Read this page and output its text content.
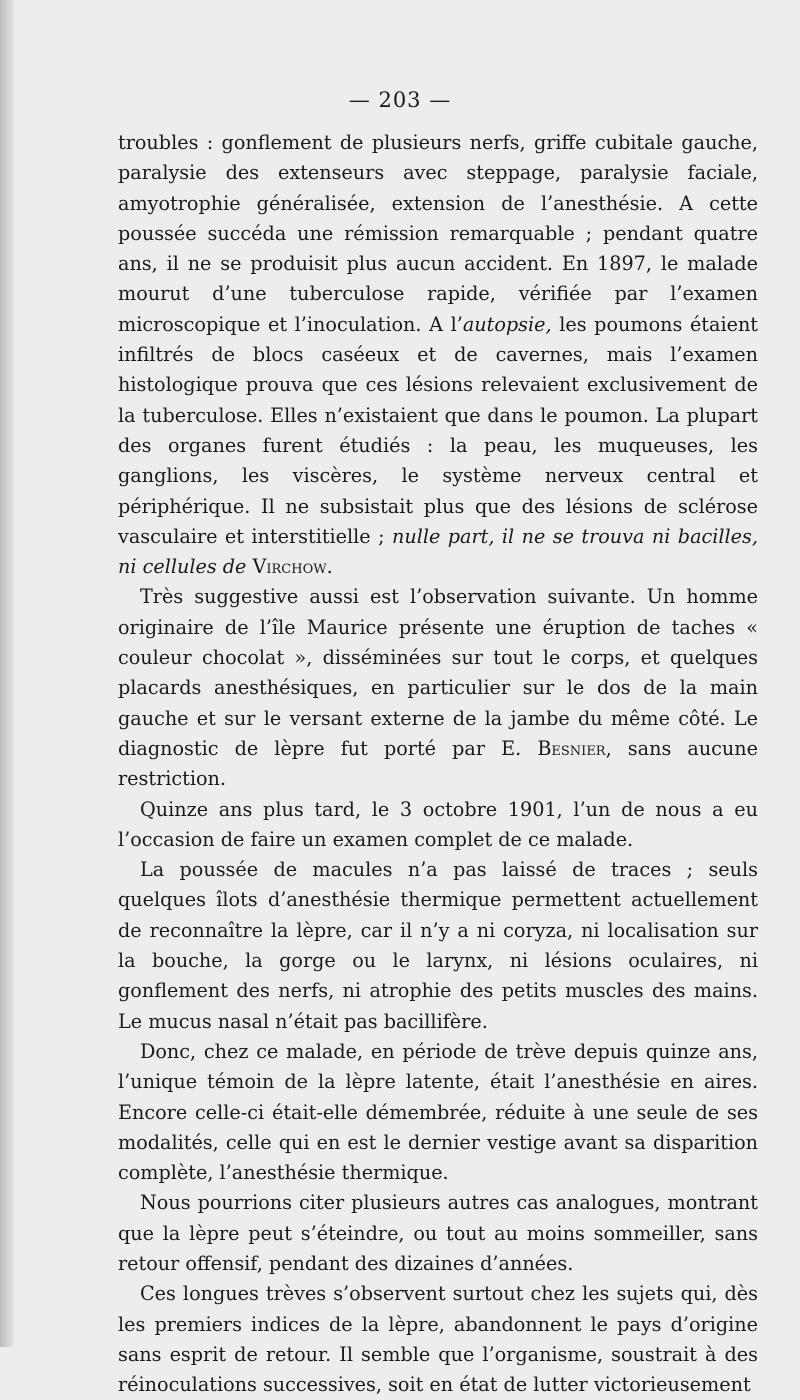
— 203 —

troubles : gonflement de plusieurs nerfs, griffe cubitale gauche, paralysie des extenseurs avec steppage, paralysie faciale, amyotrophie généralisée, extension de l’anesthésie. A cette poussée succéda une rémission remarquable ; pendant quatre ans, il ne se produisit plus aucun accident. En 1897, le malade mourut d’une tuberculose rapide, vérifiée par l’examen microscopique et l’inoculation. A l’autopsie, les poumons étaient infiltrés de blocs caséeux et de cavernes, mais l’examen histologique prouva que ces lésions relevaient exclusivement de la tuberculose. Elles n’existaient que dans le poumon. La plupart des organes furent étudiés : la peau, les muqueuses, les ganglions, les viscères, le système nerveux central et périphérique. Il ne subsistait plus que des lésions de sclérose vasculaire et interstitielle ; nulle part, il ne se trouva ni bacilles, ni cellules de Virchow.

Très suggestive aussi est l’observation suivante. Un homme originaire de l’île Maurice présente une éruption de taches « couleur chocolat », disséminées sur tout le corps, et quelques placards anesthésiques, en particulier sur le dos de la main gauche et sur le versant externe de la jambe du même côté. Le diagnostic de lèpre fut porté par E. Besnier, sans aucune restriction.

Quinze ans plus tard, le 3 octobre 1901, l’un de nous a eu l’occasion de faire un examen complet de ce malade.

La poussée de macules n’a pas laissé de traces ; seuls quelques îlots d’anesthésie thermique permettent actuellement de reconnaître la lèpre, car il n’y a ni coryza, ni localisation sur la bouche, la gorge ou le larynx, ni lésions oculaires, ni gonflement des nerfs, ni atrophie des petits muscles des mains. Le mucus nasal n’était pas bacillifère.

Donc, chez ce malade, en période de trève depuis quinze ans, l’unique témoin de la lèpre latente, était l’anesthésie en aires. Encore celle-ci était-elle démembrée, réduite à une seule de ses modalités, celle qui en est le dernier vestige avant sa disparition complète, l’anesthésie thermique.

Nous pourrions citer plusieurs autres cas analogues, montrant que la lèpre peut s’éteindre, ou tout au moins sommeiller, sans retour offensif, pendant des dizaines d’années.

Ces longues trèves s’observent surtout chez les sujets qui, dès les premiers indices de la lèpre, abandonnent le pays d’origine sans esprit de retour. Il semble que l’organisme, soustrait à des réinoculations successives, soit en état de lutter victorieusement
